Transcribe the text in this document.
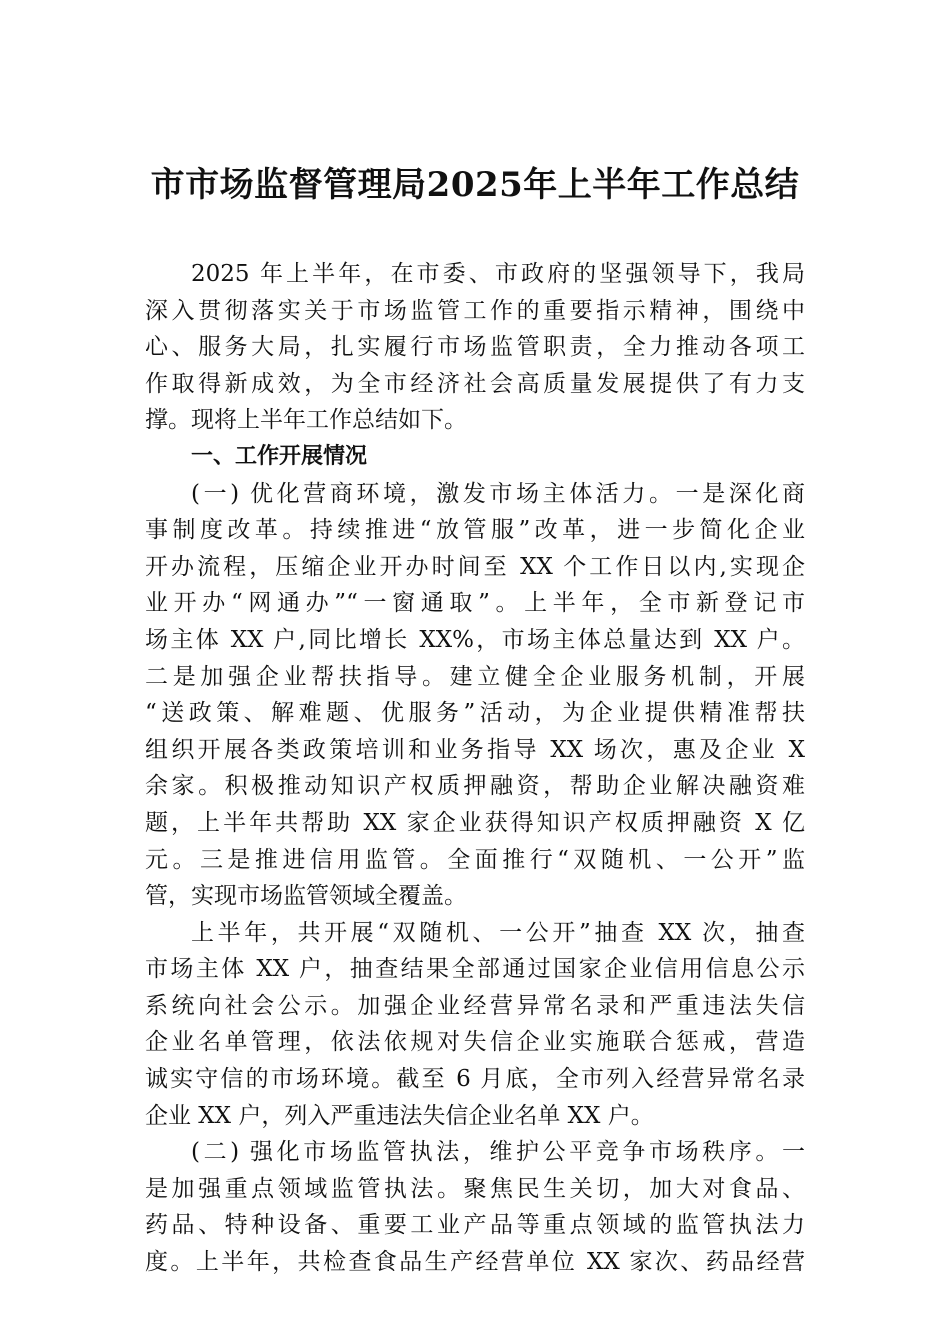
市市场监督管理局2025年上半年工作总结
2025 年上半年，在市委、市政府的坚强领导下，我局
深入贯彻落实关于市场监管工作的重要指示精神，围绕中
心、服务大局，扎实履行市场监管职责，全力推动各项工
作取得新成效，为全市经济社会高质量发展提供了有力支
撑。现将上半年工作总结如下。
一、工作开展情况
(一) 优化营商环境，激发市场主体活力。一是深化商
事制度改革。持续推进“放管服”改革，进一步简化企业
开办流程，压缩企业开办时间至 XX 个工作日以内,实现企
业开办“网通办”“一窗通取”。上半年，全市新登记市
场主体 XX 户,同比增长 XX%，市场主体总量达到 XX 户。
二是加强企业帮扶指导。建立健全企业服务机制，开展
“送政策、解难题、优服务”活动，为企业提供精准帮扶
组织开展各类政策培训和业务指导 XX 场次，惠及企业 X
余家。积极推动知识产权质押融资，帮助企业解决融资难
题，上半年共帮助 XX 家企业获得知识产权质押融资 X 亿
元。三是推进信用监管。全面推行“双随机、一公开”监
管，实现市场监管领域全覆盖。
上半年，共开展“双随机、一公开”抽查 XX 次，抽查
市场主体 XX 户，抽查结果全部通过国家企业信用信息公示
系统向社会公示。加强企业经营异常名录和严重违法失信
企业名单管理，依法依规对失信企业实施联合惩戒，营造
诚实守信的市场环境。截至 6 月底，全市列入经营异常名录
企业 XX 户，列入严重违法失信企业名单 XX 户。
(二) 强化市场监管执法，维护公平竞争市场秩序。一
是加强重点领域监管执法。聚焦民生关切，加大对食品、
药品、特种设备、重要工业产品等重点领域的监管执法力
度。上半年，共检查食品生产经营单位 XX 家次、药品经营
